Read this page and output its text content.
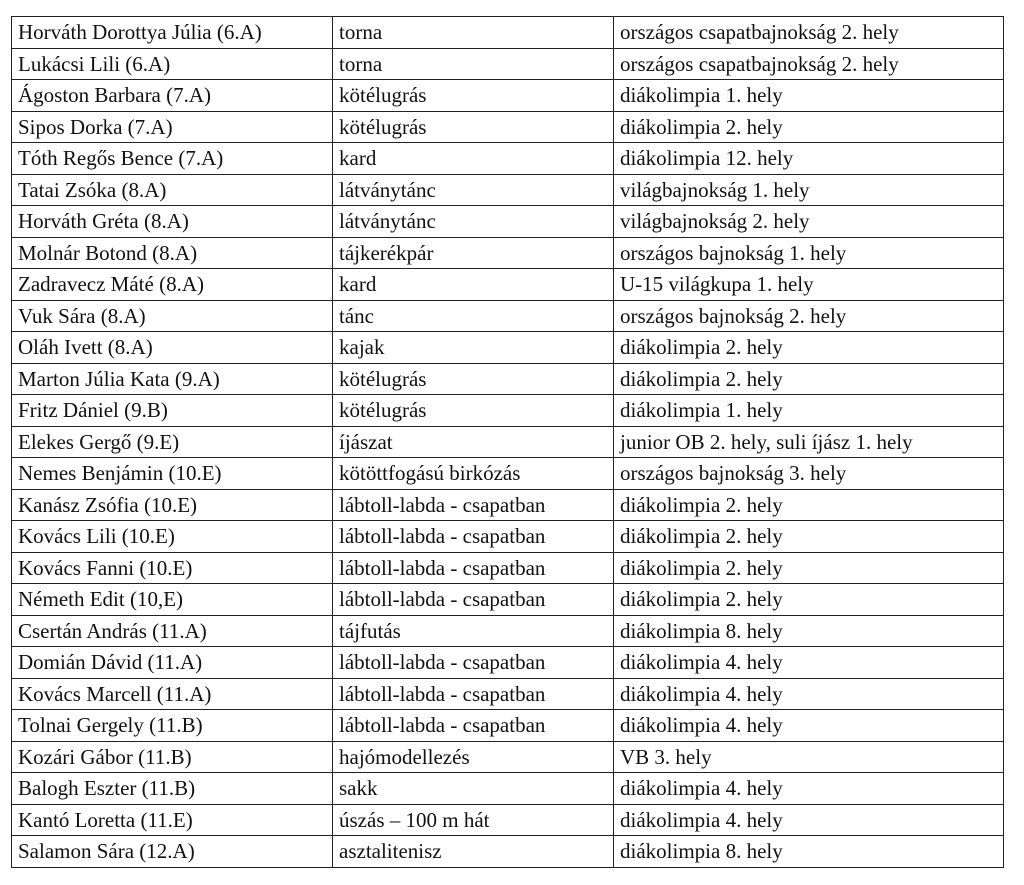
Horváth Dorottya Júlia (6.A)	torna	országos csapatbajnokság 2. hely
Lukácsi Lili (6.A)	torna	országos csapatbajnokság 2. hely
Ágoston Barbara (7.A)	kötélugrás	diákolimpia 1. hely
Sipos Dorka (7.A)	kötélugrás	diákolimpia 2. hely
Tóth Regős Bence (7.A)	kard	diákolimpia 12. hely
Tatai Zsóka (8.A)	látványtánc	világbajnokság 1. hely
Horváth Gréta (8.A)	látványtánc	világbajnokság 2. hely
Molnár Botond (8.A)	tájkerékpár	országos bajnokság 1. hely
Zadravecz Máté (8.A)	kard	U-15 világkupa 1. hely
Vuk Sára (8.A)	tánc	országos bajnokság 2. hely
Oláh Ivett (8.A)	kajak	diákolimpia 2. hely
Marton Júlia Kata (9.A)	kötélugrás	diákolimpia 2. hely
Fritz Dániel (9.B)	kötélugrás	diákolimpia 1. hely
Elekes Gergő (9.E)	íjászat	junior OB 2. hely, suli íjász 1. hely
Nemes Benjámin (10.E)	kötöttfogású birkózás	országos bajnokság 3. hely
Kanász Zsófia (10.E)	lábtoll-labda - csapatban	diákolimpia 2. hely
Kovács Lili (10.E)	lábtoll-labda - csapatban	diákolimpia 2. hely
Kovács Fanni (10.E)	lábtoll-labda - csapatban	diákolimpia 2. hely
Németh Edit (10,E)	lábtoll-labda - csapatban	diákolimpia 2. hely
Csertán András (11.A)	tájfutás	diákolimpia 8. hely
Domián Dávid (11.A)	lábtoll-labda - csapatban	diákolimpia 4. hely
Kovács Marcell (11.A)	lábtoll-labda - csapatban	diákolimpia 4. hely
Tolnai Gergely (11.B)	lábtoll-labda - csapatban	diákolimpia 4. hely
Kozári Gábor (11.B)	hajómodellezés	VB 3. hely
Balogh Eszter (11.B)	sakk	diákolimpia 4. hely
Kantó Loretta (11.E)	úszás – 100 m hát	diákolimpia 4. hely
Salamon Sára (12.A)	asztalitenisz	diákolimpia 8. hely
